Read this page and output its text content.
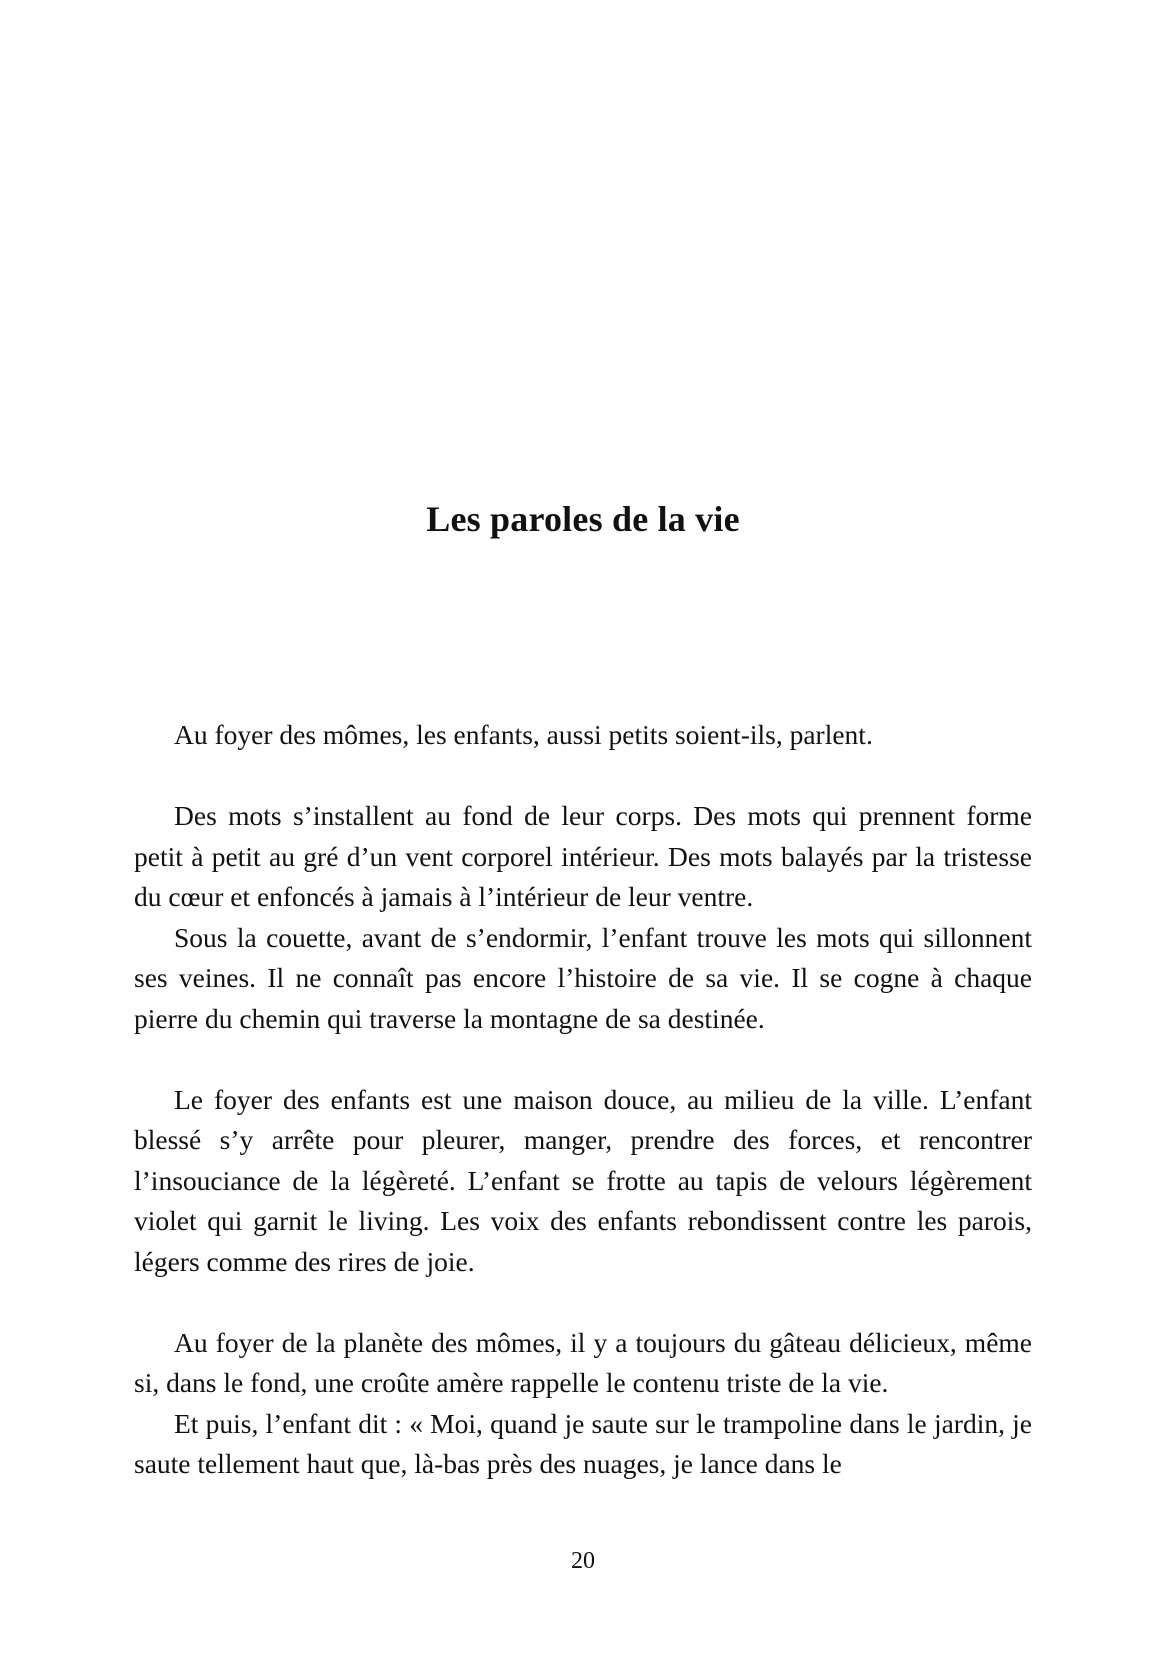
Les paroles de la vie

Au foyer des mômes, les enfants, aussi petits soient-ils, parlent.

Des mots s’installent au fond de leur corps. Des mots qui prennent forme petit à petit au gré d’un vent corporel intérieur. Des mots balayés par la tristesse du cœur et enfoncés à jamais à l’intérieur de leur ventre.

Sous la couette, avant de s’endormir, l’enfant trouve les mots qui sillonnent ses veines. Il ne connaît pas encore l’histoire de sa vie. Il se cogne à chaque pierre du chemin qui traverse la montagne de sa destinée.

Le foyer des enfants est une maison douce, au milieu de la ville. L’enfant blessé s’y arrête pour pleurer, manger, prendre des forces, et rencontrer l’insouciance de la légèreté. L’enfant se frotte au tapis de velours légèrement violet qui garnit le living. Les voix des enfants rebondissent contre les parois, légers comme des rires de joie.

Au foyer de la planète des mômes, il y a toujours du gâteau délicieux, même si, dans le fond, une croûte amère rappelle le contenu triste de la vie.

Et puis, l’enfant dit : « Moi, quand je saute sur le trampoline dans le jardin, je saute tellement haut que, là-bas près des nuages, je lance dans le

20
